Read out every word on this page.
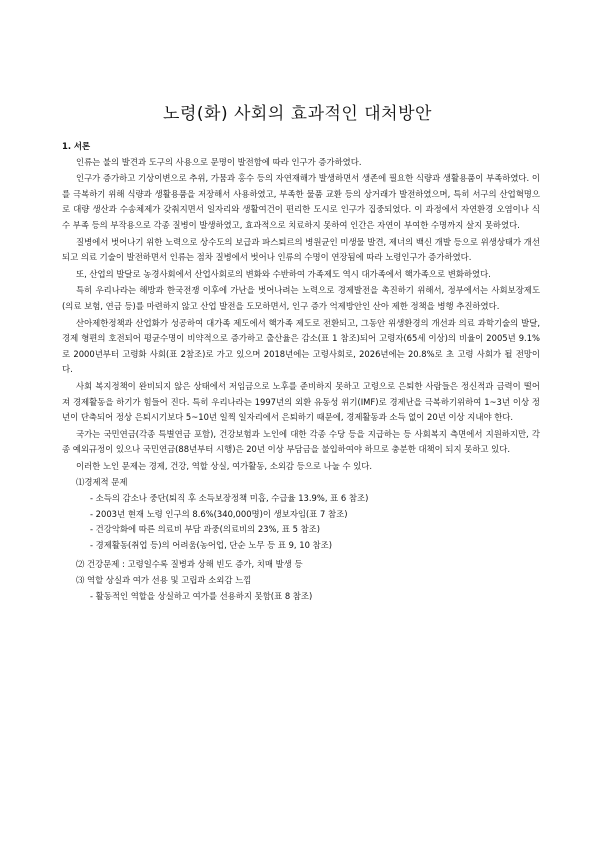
노령(화) 사회의 효과적인 대처방안
1. 서론

인류는 불의 발견과 도구의 사용으로 문명이 발전함에 따라 인구가 증가하였다.

인구가 증가하고 기상이변으로 추위, 가뭄과 홍수 등의 자연재해가 발생하면서 생존에 필요한 식량과 생활용품이 부족하였다. 이를 극복하기 위해 식량과 생활용품을 저장해서 사용하였고, 부족한 물품 교환 등의 상거래가 발전하였으며, 특히 서구의 산업혁명으로 대량 생산과 수송체제가 갖춰지면서 일자리와 생활여건이 편리한 도시로 인구가 집중되었다. 이 과정에서 자연환경 오염이나 식수 부족 등의 부작용으로 각종 질병이 발생하였고, 효과적으로 치료하지 못하여 인간은 자연이 부여한 수명까지 살지 못하였다.

질병에서 벗어나기 위한 노력으로 상수도의 보급과 파스퇴르의 병원균인 미생물 발견, 제너의 백신 개발 등으로 위생상태가 개선되고 의료 기술이 발전하면서 인류는 점차 질병에서 벗어나 인류의 수명이 연장됨에 따라 노령인구가 증가하였다.

또, 산업의 발달로 농경사회에서 산업사회로의 변화와 수반하여 가족제도 역시 대가족에서 핵가족으로 변화하였다.

특히 우리나라는 해방과 한국전쟁 이후에 가난을 벗어나려는 노력으로 경제발전을 촉진하기 위해서, 정부에서는 사회보장제도(의료 보험, 연금 등)를 마련하지 않고 산업 발전을 도모하면서, 인구 증가 억제방안인 산아 제한 정책을 병행 추진하였다.

산아제한정책과 산업화가 성공하여 대가족 제도에서 핵가족 제도로 전환되고, 그동안 위생환경의 개선과 의료 과학기술의 발달, 경제 형편의 호전되어 평균수명이 비약적으로 증가하고 출산율은 감소(표 1 참조)되어 고령자(65세 이상)의 비율이 2005년 9.1%로 2000년부터 고령화 사회(표 2참조)로 가고 있으며 2018년에는 고령사회로, 2026년에는 20.8%로 초 고령 사회가 될 전망이다.

사회 복지정책이 완비되지 않은 상태에서 저임금으로 노후를 준비하지 못하고 고령으로 은퇴한 사람들은 정신적과 금력이 떨어져 경제활동을 하기가 힘들어 진다. 특히 우리나라는 1997년의 외환 유동성 위기(IMF)로 경제난을 극복하기위하여 1~3년 이상 정년이 단축되어 정상 은퇴시기보다 5~10년 일찍 일자리에서 은퇴하기 때문에, 경제활동과 소득 없이 20년 이상 지내야 한다.

국가는 국민연금(각종 특별연금 포함), 건강보험과 노인에 대한 각종 수당 등을 지급하는 등 사회복지 측면에서 지원하지만, 각종 예외규정이 있으나 국민연금(88년부터 시행)은 20년 이상 부담금을 불입하여야 하므로 충분한 대책이 되지 못하고 있다.

이러한 노인 문제는 경제, 건강, 역할 상실, 여가활동, 소외감 등으로 나눌 수 있다.

⑴경제적 문제
- 소득의 감소나 중단(퇴직 후 소득보장정책 미흡, 수급율 13.9%, 표 6 참조)
- 2003년 현재 노령 인구의 8.6%(340,000명)이 생보자임(표 7 참조)
- 건강악화에 따른 의료비 부담 과중(의료비의 23%, 표 5 참조)
- 경제활동(취업 등)의 어려움(농어업, 단순 노무 등 표 9, 10 참조)
⑵ 건강문제 : 고령일수록 질병과 상해 빈도 증가, 치매 발생 등
⑶ 역할 상실과 여가 선용 및 고립과 소외감 느낌
- 활동적인 역할을 상실하고 여가를 선용하지 못함(표 8 참조)
